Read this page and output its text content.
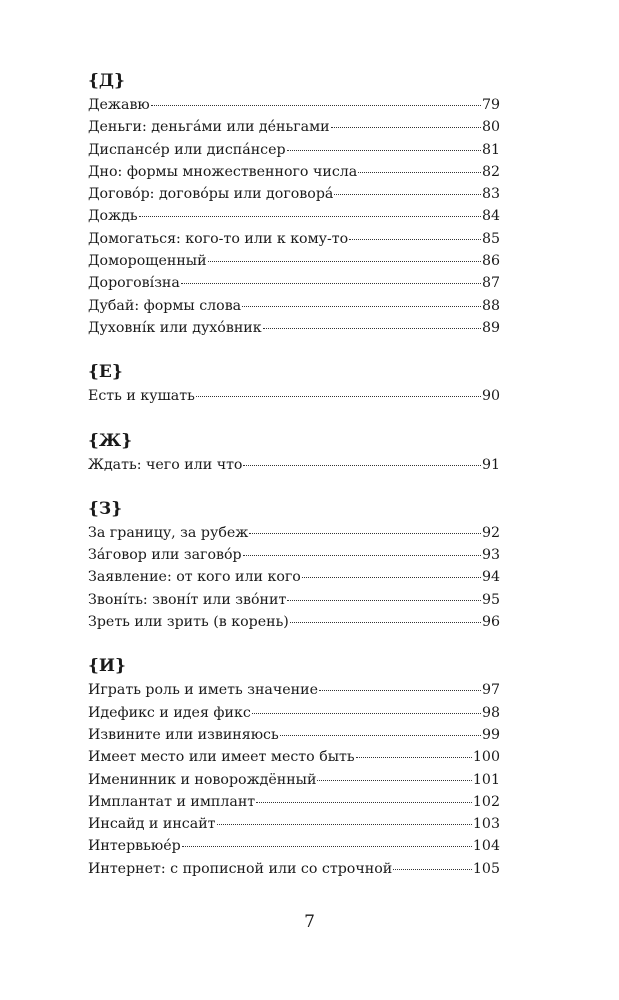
{Д}
Дежавю	79
Деньги: деньгáми или дéньгами	80
Диспансéр или диспáнсер	81
Дно: формы множественного числа	82
Договóр: договóры или договорá	83
Дождь	84
Домогаться: кого-то или к кому-то	85
Доморощенный	86
Дороговíзна	87
Дубай: формы слова	88
Духовнíк или духóвник	89
{Е}
Есть и кушать	90
{Ж}
Ждать: чего или что	91
{З}
За границу, за рубеж	92
Зáговор или заговóр	93
Заявление: от кого или кого	94
Звонíть: звонíт или звóнит	95
Зреть или зрить (в корень)	96
{И}
Играть роль и иметь значение	97
Идефикс и идея фикс	98
Извините или извиняюсь	99
Имеет место или имеет место быть	100
Именинник и новорождённый	101
Имплантат и имплант	102
Инсайд и инсайт	103
Интервьюéр	104
Интернет: с прописной или со строчной	105
7
